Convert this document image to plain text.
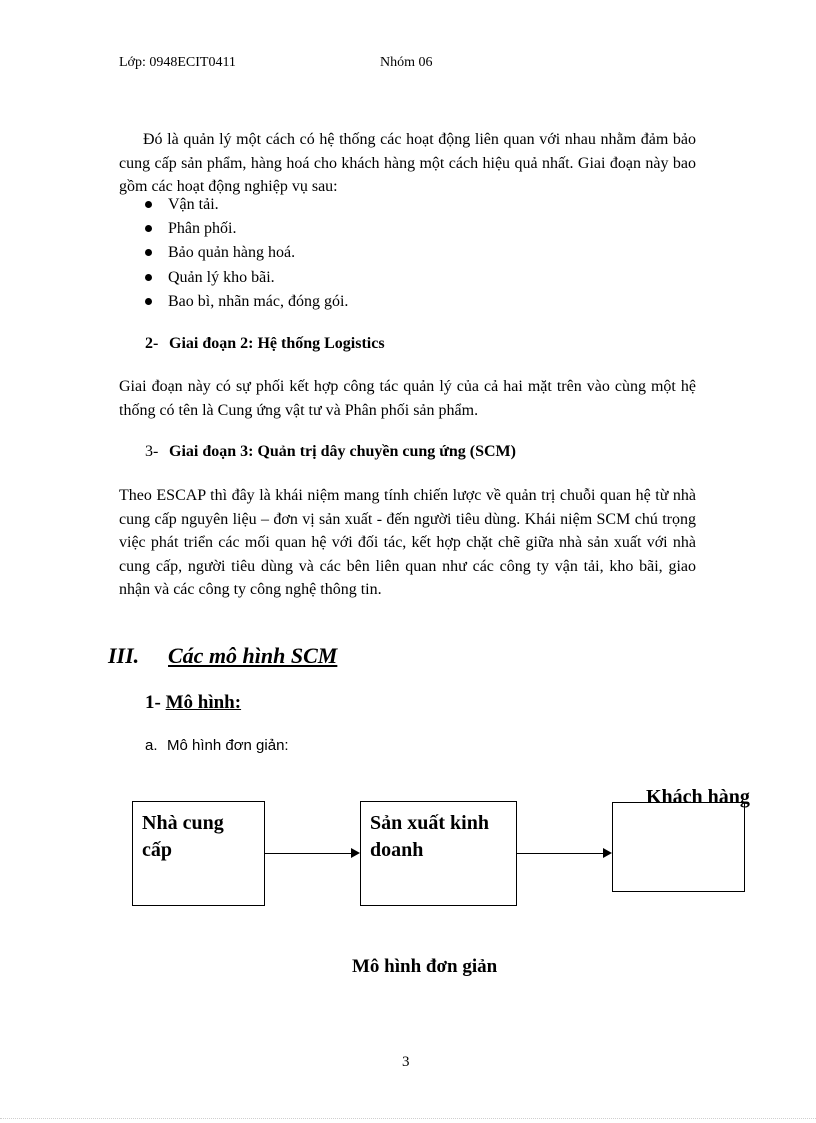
Lớp: 0948ECIT0411	Nhóm 06

Đó là quản lý một cách có hệ thống các hoạt động liên quan với nhau nhằm đảm bảo cung cấp sản phẩm, hàng hoá cho khách hàng một cách hiệu quả nhất. Giai đoạn này bao gồm các hoạt động nghiệp vụ sau:

Vận tải.
Phân phối.
Bảo quản hàng hoá.
Quản lý kho bãi.
Bao bì, nhãn mác, đóng gói.
2- Giai đoạn 2: Hệ thống Logistics

Giai đoạn này có sự phối kết hợp công tác quản lý của cả hai mặt trên vào cùng một hệ thống có tên là Cung ứng vật tư và Phân phối sản phẩm.

3- Giai đoạn 3: Quản trị dây chuyền cung ứng (SCM)

Theo ESCAP thì đây là khái niệm mang tính chiến lược về quản trị chuỗi quan hệ từ nhà cung cấp nguyên liệu – đơn vị sản xuất - đến người tiêu dùng. Khái niệm SCM chú trọng việc phát triển các mối quan hệ với đối tác, kết hợp chặt chẽ giữa nhà sản xuất với nhà cung cấp, người tiêu dùng và các bên liên quan như các công ty vận tải, kho bãi, giao nhận và các công ty công nghệ thông tin.

III. Các mô hình SCM
1- Mô hình:
a. Mô hình đơn giản:
Khách hàng
Nhà cung
cấp
Sản xuất kinh
doanh
Mô hình đơn giản
3
